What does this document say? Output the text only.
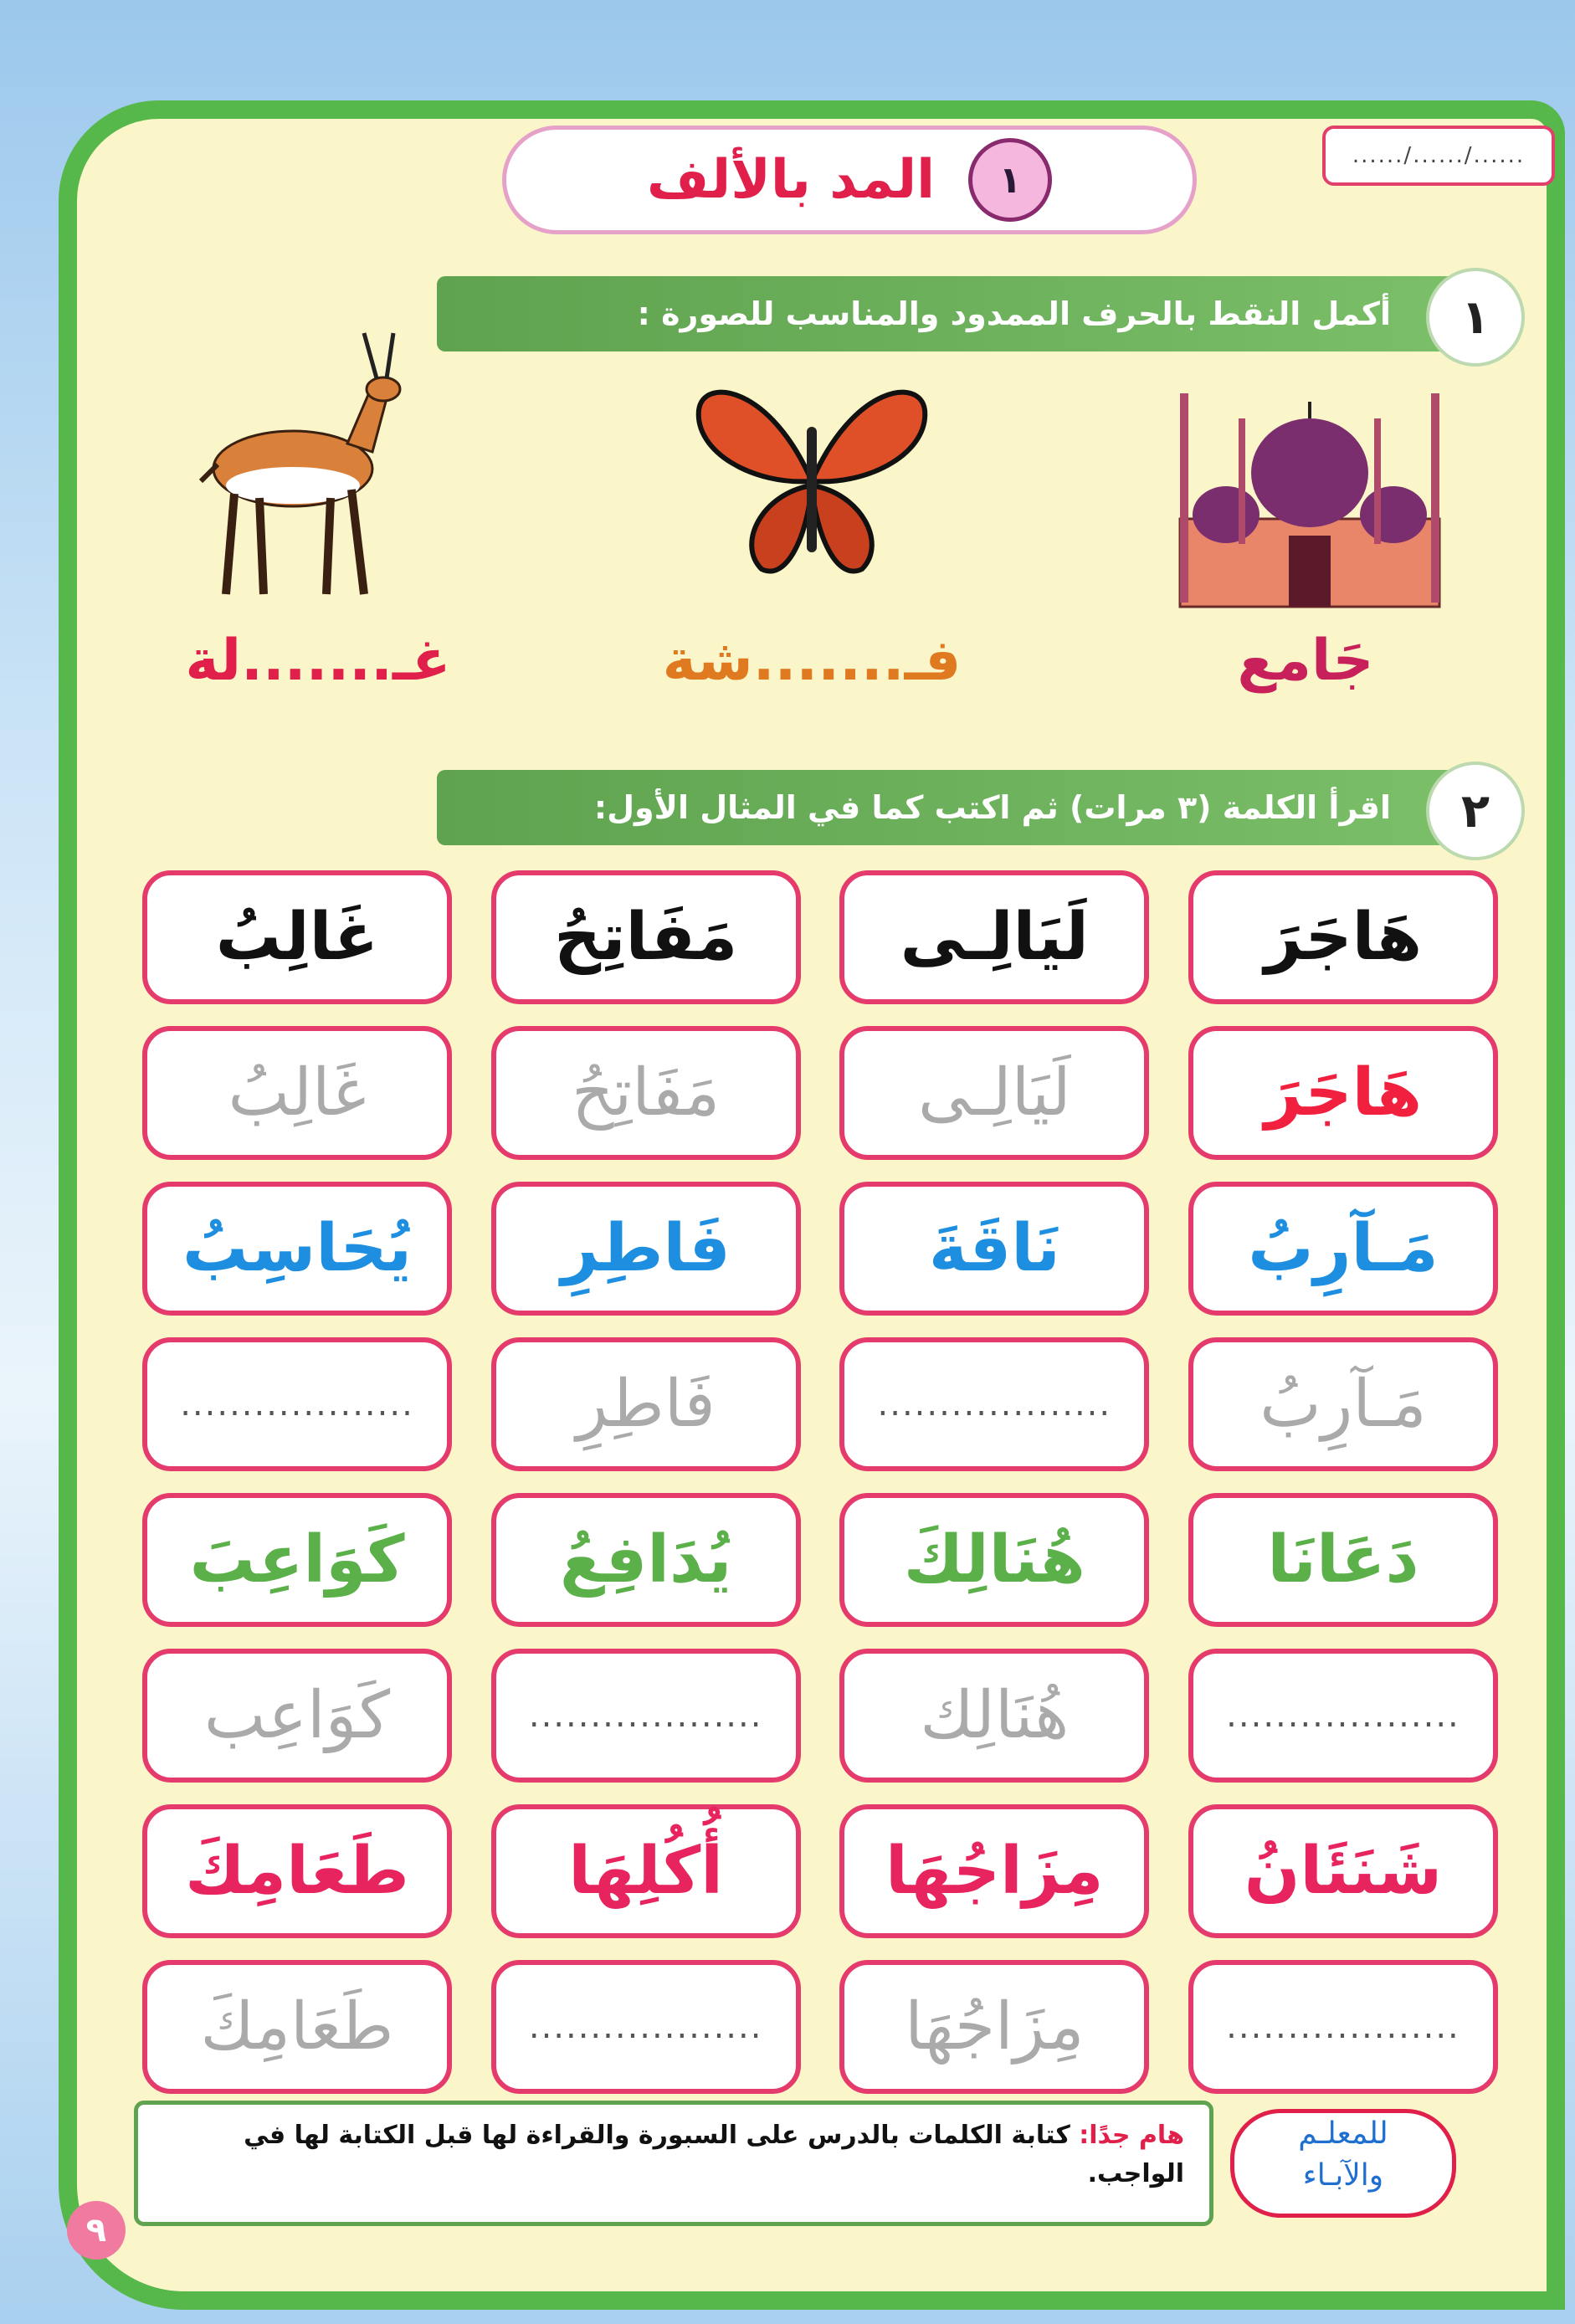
....../....../......
المد بالألف	١
أكمل النقط بالحرف الممدود والمناسب للصورة :	١
جَامع
فـ.......شة
غـ.......لة
اقرأ الكلمة (٣ مرات) ثم اكتب كما في المثال الأول:	٢
هَاجَرَ
لَيَالِـى
مَفَاتِحُ
غَالِبُ
هَاجَرَ
لَيَالِـى
مَفَاتِحُ
غَالِبُ
مَـآرِبُ
نَاقَةَ
فَاطِرِ
يُحَاسِبُ
مَـآرِبُ
...................
فَاطِرِ
...................
دَعَانَا
هُنَالِكَ
يُدَافِعُ
كَوَاعِبَ
...................
هُنَالِك
...................
كَوَاعِب
شَنَئَانُ
مِزَاجُهَا
أُكُلِهَا
طَعَامِكَ
...................
مِزَاجُهَا
...................
طَعَامِكَ
هام جدًا: كتابة الكلمات بالدرس على السبورة والقراءة لها قبل الكتابة لها في الواجب.
للمعلـم
والآبـاء
٩
